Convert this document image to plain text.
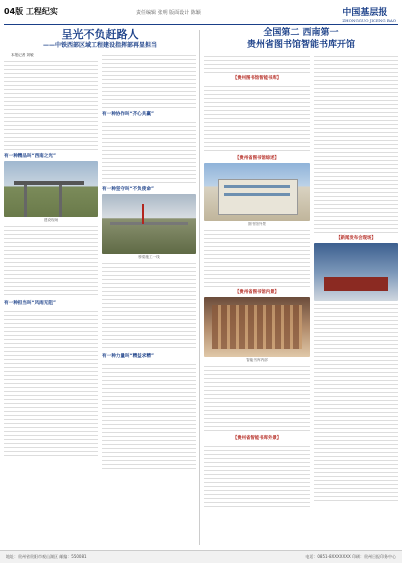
04版 工程纪实	责任编辑 张明 版面设计 陈颖	中国基层报
ZHONGGUO JICENG BAO
呈光不负赶路人
——中铁西部区域工程建设指挥部再显担当
本报记者 刘敏
有一种精品叫“西南之光”
建设现场
有一种担当叫“风雨无阻”
有一种协作叫“齐心共赢”
有一种坚守叫“不负使命”
桥梁施工一线
有一种力量叫“精益求精”
全国第二 西南第一
贵州省图书馆智能书库开馆
【贵州图书馆智能书库】
【贵州省图书馆综述】
图书馆外景
【贵州省图书馆内景】
智能书库内部
【贵州省智能书库外景】
【新闻发布会现场】
地址：贵州省贵阳市观山湖区 邮编：550081	电话：0851-8XXXXXXX 印刷：贵州日报印务中心
